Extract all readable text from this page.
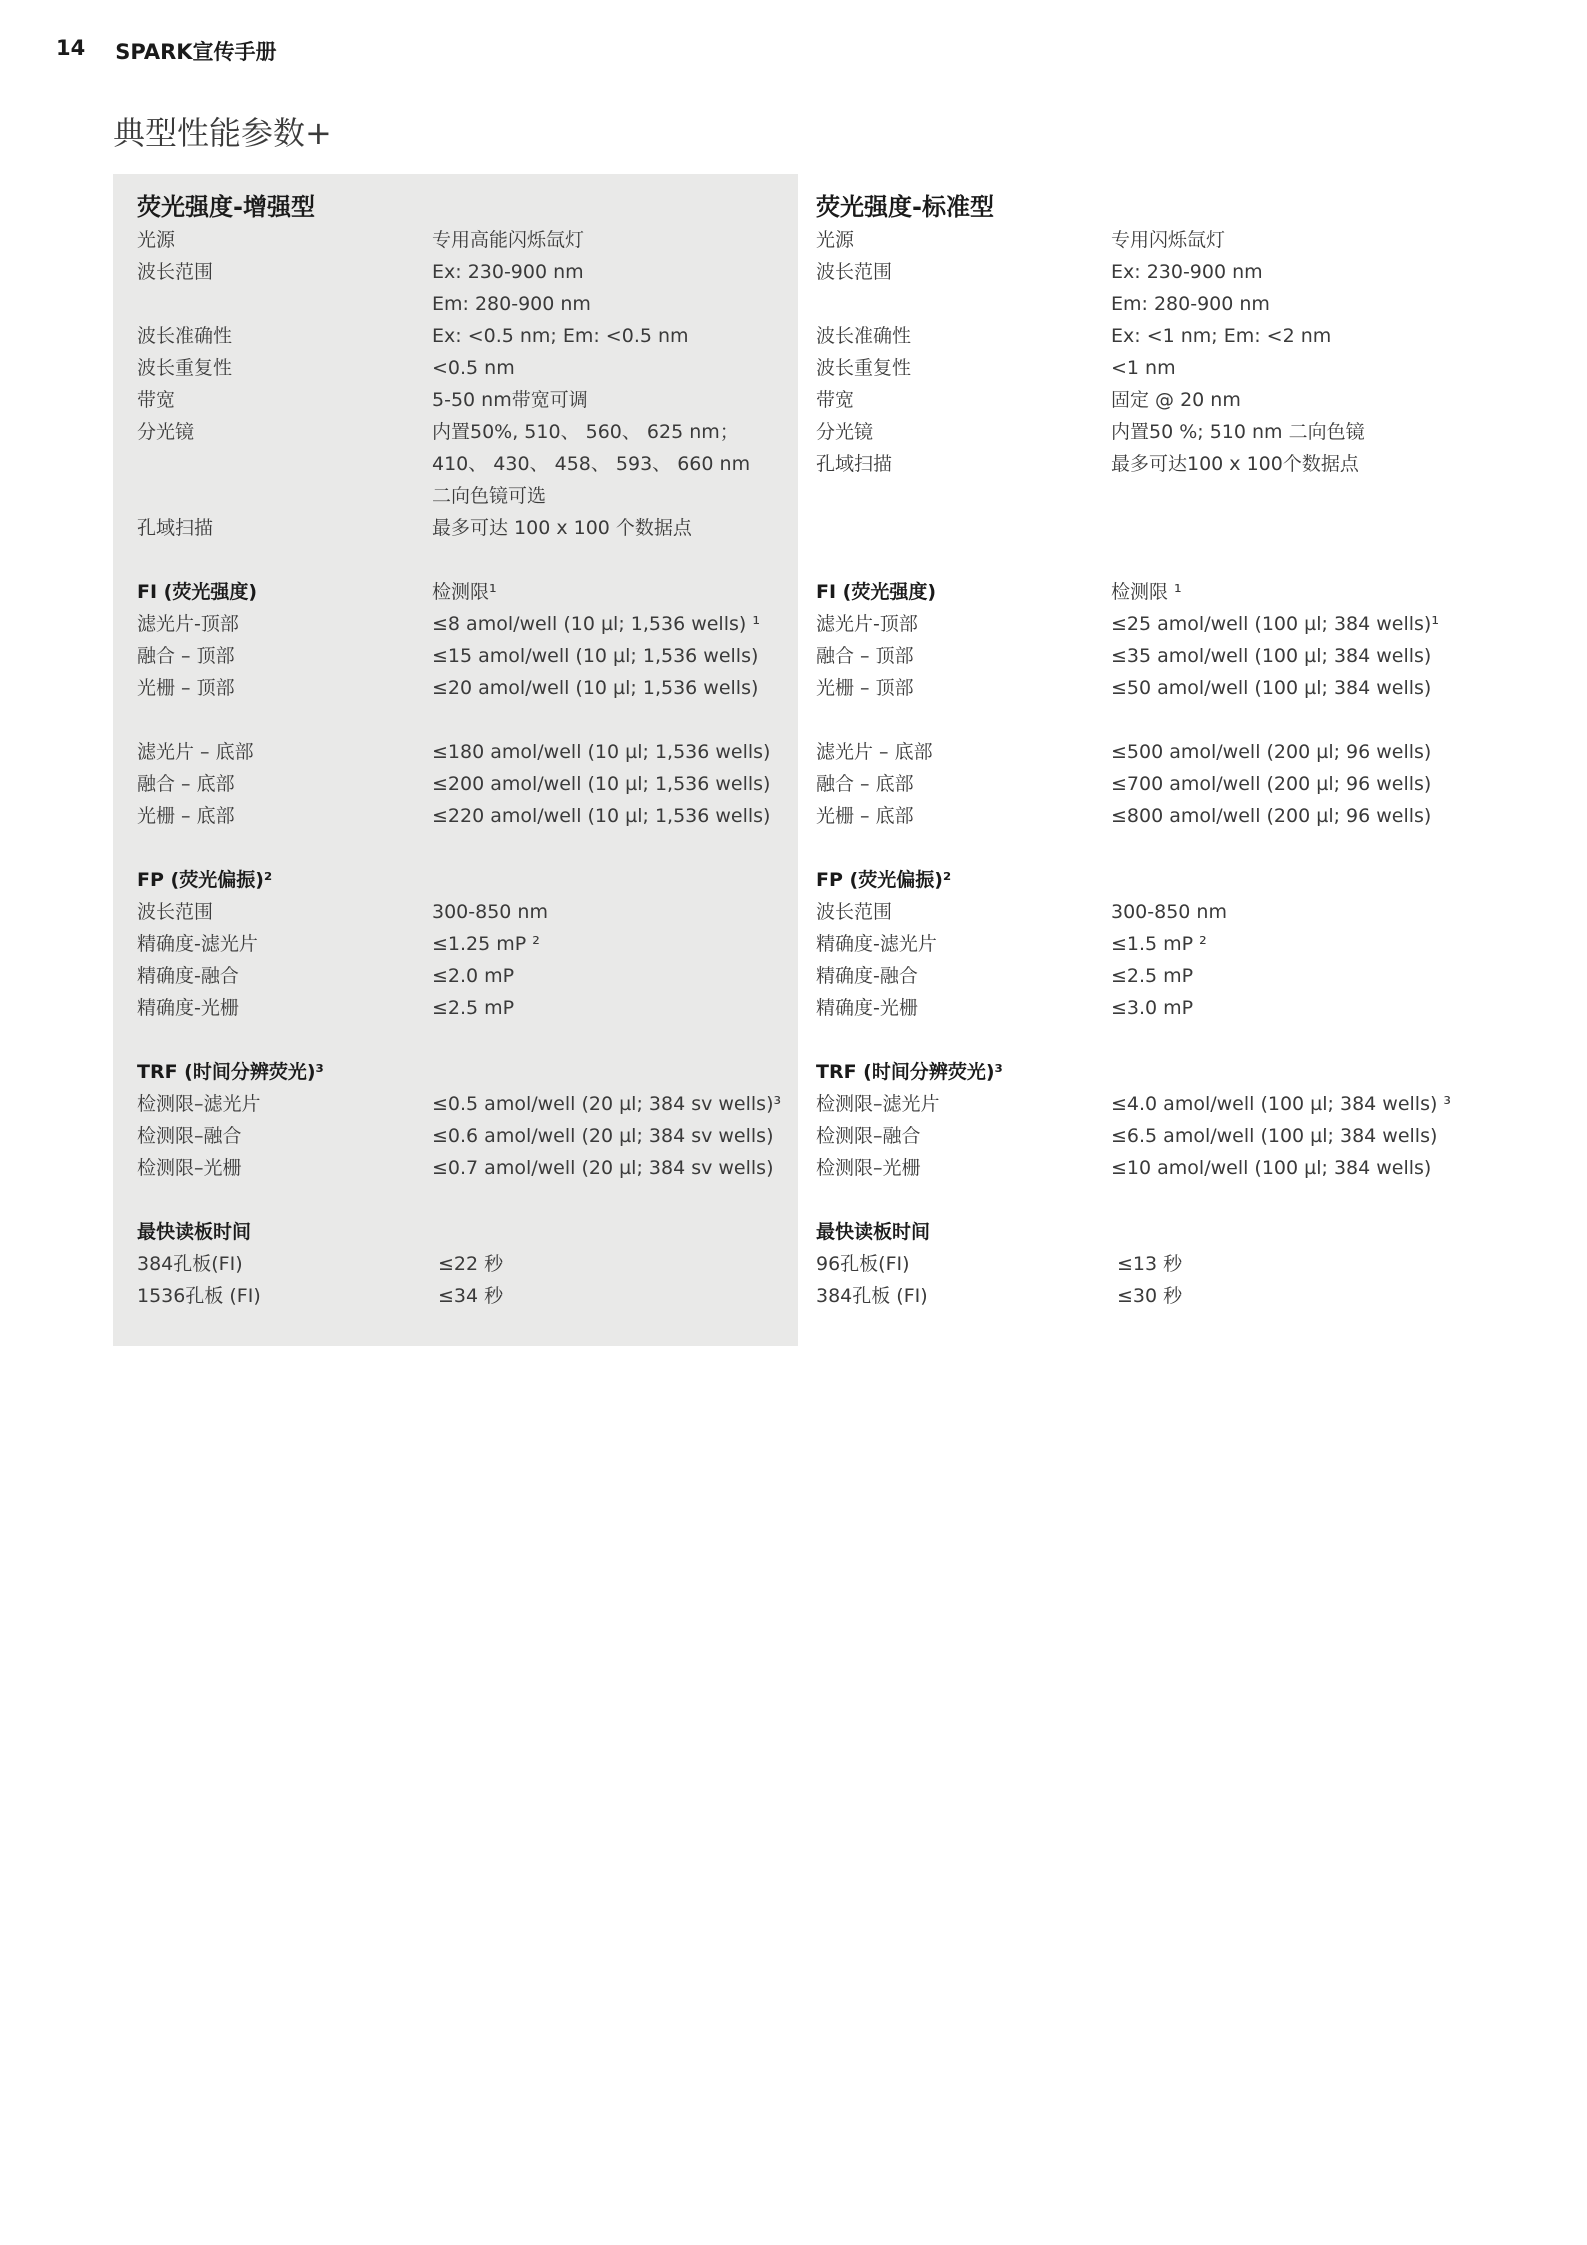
14 SPARK宣传手册
典型性能参数+
荧光强度-增强型
光源	专用高能闪烁氙灯
波长范围	Ex: 230-900 nm
Em: 280-900 nm
波长准确性	Ex: <0.5 nm; Em: <0.5 nm
波长重复性	<0.5 nm
带宽	5-50 nm带宽可调
分光镜	内置50%, 510、 560、 625 nm；
410、 430、 458、 593、 660 nm
二向色镜可选
孔域扫描	最多可达 100 x 100 个数据点
FI (荧光强度)	检测限¹
滤光片-顶部	≤8 amol/well (10 µl; 1,536 wells) ¹
融合 – 顶部	≤15 amol/well (10 µl; 1,536 wells)
光栅 – 顶部	≤20 amol/well (10 µl; 1,536 wells)
滤光片 – 底部	≤180 amol/well (10 µl; 1,536 wells)
融合 – 底部	≤200 amol/well (10 µl; 1,536 wells)
光栅 – 底部	≤220 amol/well (10 µl; 1,536 wells)
FP (荧光偏振)²
波长范围	300-850 nm
精确度-滤光片	≤1.25 mP ²
精确度-融合	≤2.0 mP
精确度-光栅	≤2.5 mP
TRF (时间分辨荧光)³
检测限–滤光片	≤0.5 amol/well (20 µl; 384 sv wells)³
检测限–融合	≤0.6 amol/well (20 µl; 384 sv wells)
检测限–光栅	≤0.7 amol/well (20 µl; 384 sv wells)
最快读板时间
384孔板(FI)	≤22 秒
1536孔板 (FI)	≤34 秒
荧光强度-标准型
光源	专用闪烁氙灯
波长范围	Ex: 230-900 nm
Em: 280-900 nm
波长准确性	Ex: <1 nm; Em: <2 nm
波长重复性	<1 nm
带宽	固定 @ 20 nm
分光镜	内置50 %; 510 nm 二向色镜
孔域扫描	最多可达100 x 100个数据点
FI (荧光强度)	检测限 ¹
滤光片-顶部	≤25 amol/well (100 µl; 384 wells)¹
融合 – 顶部	≤35 amol/well (100 µl; 384 wells)
光栅 – 顶部	≤50 amol/well (100 µl; 384 wells)
滤光片 – 底部	≤500 amol/well (200 µl; 96 wells)
融合 – 底部	≤700 amol/well (200 µl; 96 wells)
光栅 – 底部	≤800 amol/well (200 µl; 96 wells)
FP (荧光偏振)²
波长范围	300-850 nm
精确度-滤光片	≤1.5 mP ²
精确度-融合	≤2.5 mP
精确度-光栅	≤3.0 mP
TRF (时间分辨荧光)³
检测限–滤光片	≤4.0 amol/well (100 µl; 384 wells) ³
检测限–融合	≤6.5 amol/well (100 µl; 384 wells)
检测限–光栅	≤10 amol/well (100 µl; 384 wells)
最快读板时间
96孔板(FI)	≤13 秒
384孔板 (FI)	≤30 秒
